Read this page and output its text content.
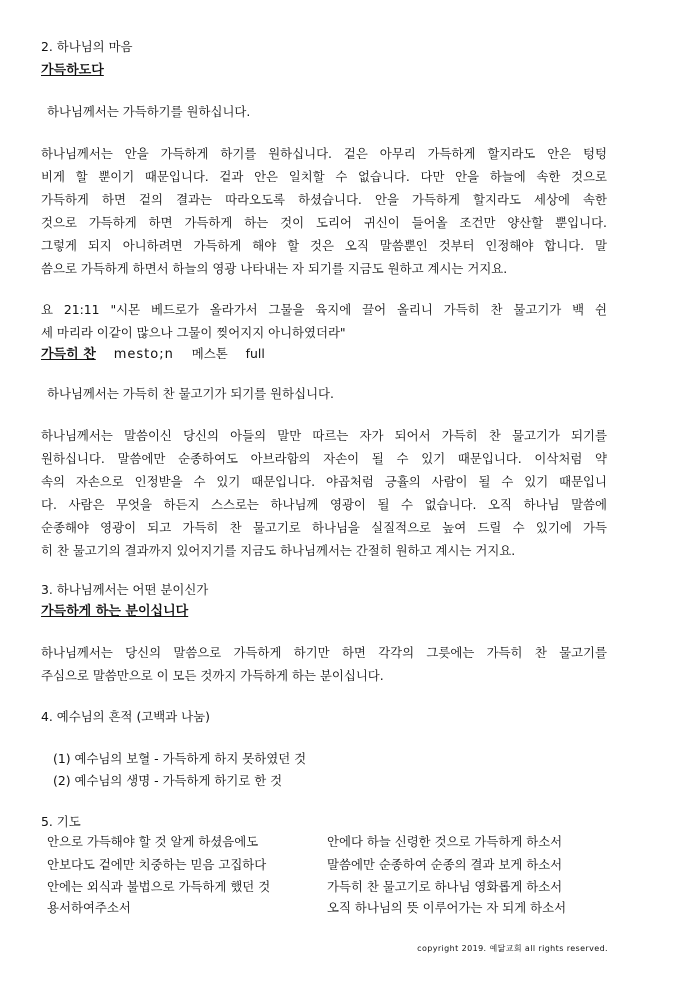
2. 하나님의 마음
가득하도다
하나님께서는 가득하기를 원하십니다.
하나님께서는 안을 가득하게 하기를 원하십니다. 겉은 아무리 가득하게 할지라도 안은 텅텅
비게 할 뿐이기 때문입니다. 겉과 안은 일치할 수 없습니다. 다만 안을 하늘에 속한 것으로
가득하게 하면 겉의 결과는 따라오도록 하셨습니다. 안을 가득하게 할지라도 세상에 속한
것으로 가득하게 하면 가득하게 하는 것이 도리어 귀신이 들어올 조건만 양산할 뿐입니다.
그렇게 되지 아니하려면 가득하게 해야 할 것은 오직 말씀뿐인 것부터 인정해야 합니다. 말
씀으로 가득하게 하면서 하늘의 영광 나타내는 자 되기를 지금도 원하고 계시는 거지요.
요 21:11 "시몬 베드로가 올라가서 그물을 육지에 끌어 올리니 가득히 찬 물고기가 백 쉰
세 마리라 이같이 많으나 그물이 찢어지지 아니하였더라"
가득히 찬 mesto;n 메스톤 full
하나님께서는 가득히 찬 물고기가 되기를 원하십니다.
하나님께서는 말씀이신 당신의 아들의 말만 따르는 자가 되어서 가득히 찬 물고기가 되기를
원하십니다. 말씀에만 순종하여도 아브라함의 자손이 될 수 있기 때문입니다. 이삭처럼 약
속의 자손으로 인정받을 수 있기 때문입니다. 야곱처럼 긍휼의 사람이 될 수 있기 때문입니
다. 사람은 무엇을 하든지 스스로는 하나님께 영광이 될 수 없습니다. 오직 하나님 말씀에
순종해야 영광이 되고 가득히 찬 물고기로 하나님을 실질적으로 높여 드릴 수 있기에 가득
히 찬 물고기의 결과까지 있어지기를 지금도 하나님께서는 간절히 원하고 계시는 거지요.
3. 하나님께서는 어떤 분이신가
가득하게 하는 분이십니다
하나님께서는 당신의 말씀으로 가득하게 하기만 하면 각각의 그릇에는 가득히 찬 물고기를
주심으로 말씀만으로 이 모든 것까지 가득하게 하는 분이십니다.
4. 예수님의 흔적 (고백과 나눔)
(1) 예수님의 보혈 - 가득하게 하지 못하였던 것
(2) 예수님의 생명 - 가득하게 하기로 한 것
5. 기도
안으로 가득해야 할 것 알게 하셨음에도
안보다도 겉에만 치중하는 믿음 고집하다
안에는 외식과 불법으로 가득하게 했던 것
용서하여주소서
안에다 하늘 신령한 것으로 가득하게 하소서
말씀에만 순종하여 순종의 결과 보게 하소서
가득히 찬 물고기로 하나님 영화롭게 하소서
오직 하나님의 뜻 이루어가는 자 되게 하소서
copyright 2019. 예닮교회 all rights reserved.
